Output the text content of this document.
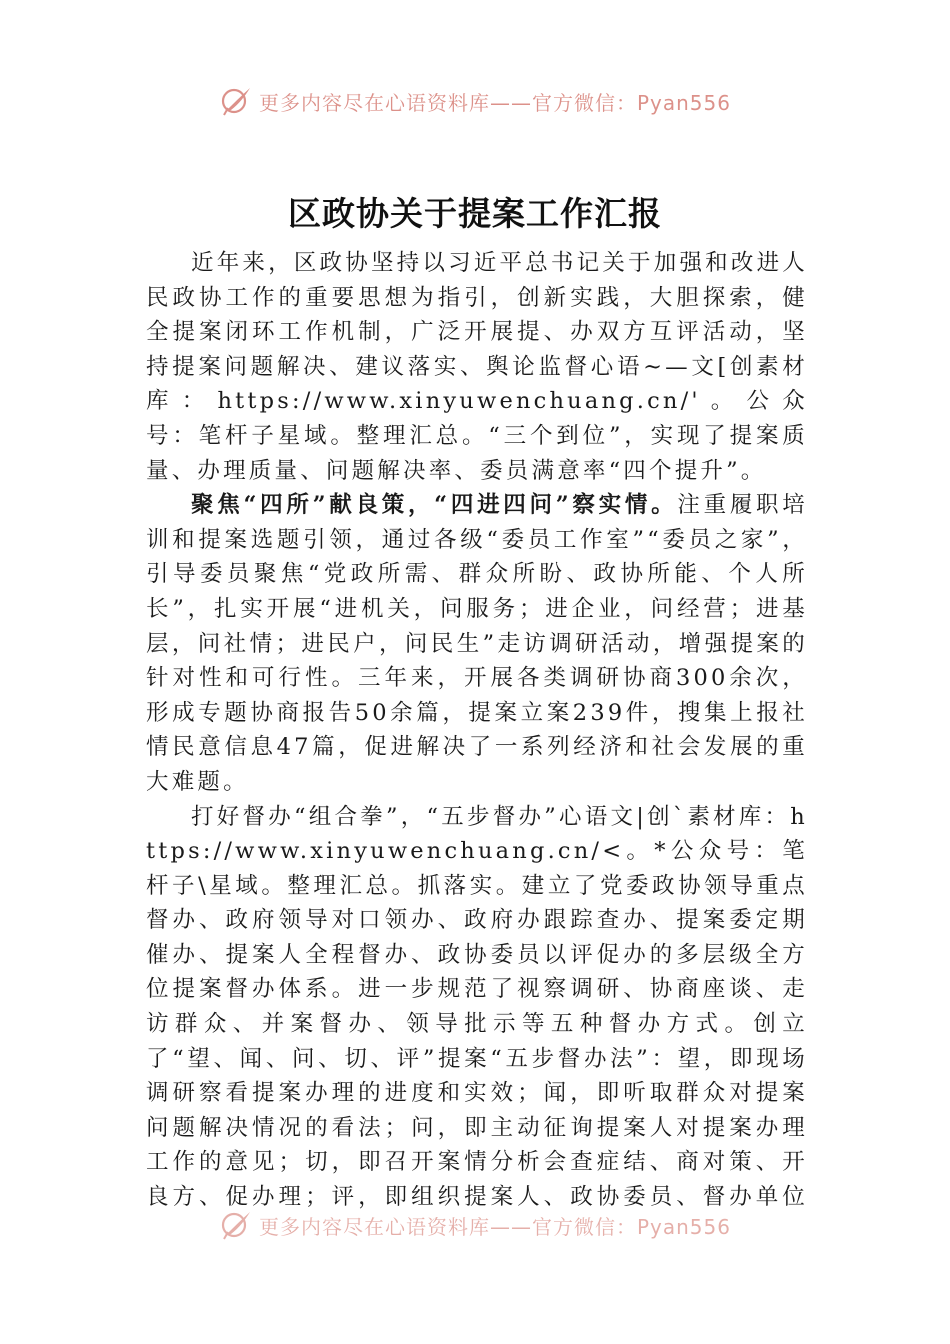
更多内容尽在心语资料库——官方微信：Pyan556
区政协关于提案工作汇报

近年来，区政协坚持以习近平总书记关于加强和改进人民政协工作的重要思想为指引，创新实践，大胆探索，健全提案闭环工作机制，广泛开展提、办双方互评活动，坚持提案问题解决、建议落实、舆论监督心语~—文[创素材库：https://www.xinyuwenchuang.cn/'。公众号：笔杆子星域。整理汇总。“三个到位”，实现了提案质量、办理质量、问题解决率、委员满意率“四个提升”。

聚焦“四所”献良策，“四进四问”察实情。注重履职培训和提案选题引领，通过各级“委员工作室”“委员之家”，引导委员聚焦“党政所需、群众所盼、政协所能、个人所长”，扎实开展“进机关，问服务；进企业，问经营；进基层，问社情；进民户，问民生”走访调研活动，增强提案的针对性和可行性。三年来，开展各类调研协商300余次，形成专题协商报告50余篇，提案立案239件，搜集上报社情民意信息47篇，促进解决了一系列经济和社会发展的重大难题。

打好督办“组合拳”，“五步督办”心语文|创`素材库：https://www.xinyuwenchuang.cn/<。*公众号：笔杆子\星域。整理汇总。抓落实。建立了党委政协领导重点督办、政府领导对口领办、政府办跟踪查办、提案委定期催办、提案人全程督办、政协委员以评促办的多层级全方位提案督办体系。进一步规范了视察调研、协商座谈、走访群众、并案督办、领导批示等五种督办方式。创立了“望、闻、问、切、评”提案“五步督办法”：望，即现场调研察看提案办理的进度和实效；闻，即听取群众对提案问题解决情况的看法；问，即主动征询提案人对提案办理工作的意见；切，即召开案情分析会查症结、商对策、开良方、促办理；评，即组织提案人、政协委员、督办单位

更多内容尽在心语资料库——官方微信：Pyan556
